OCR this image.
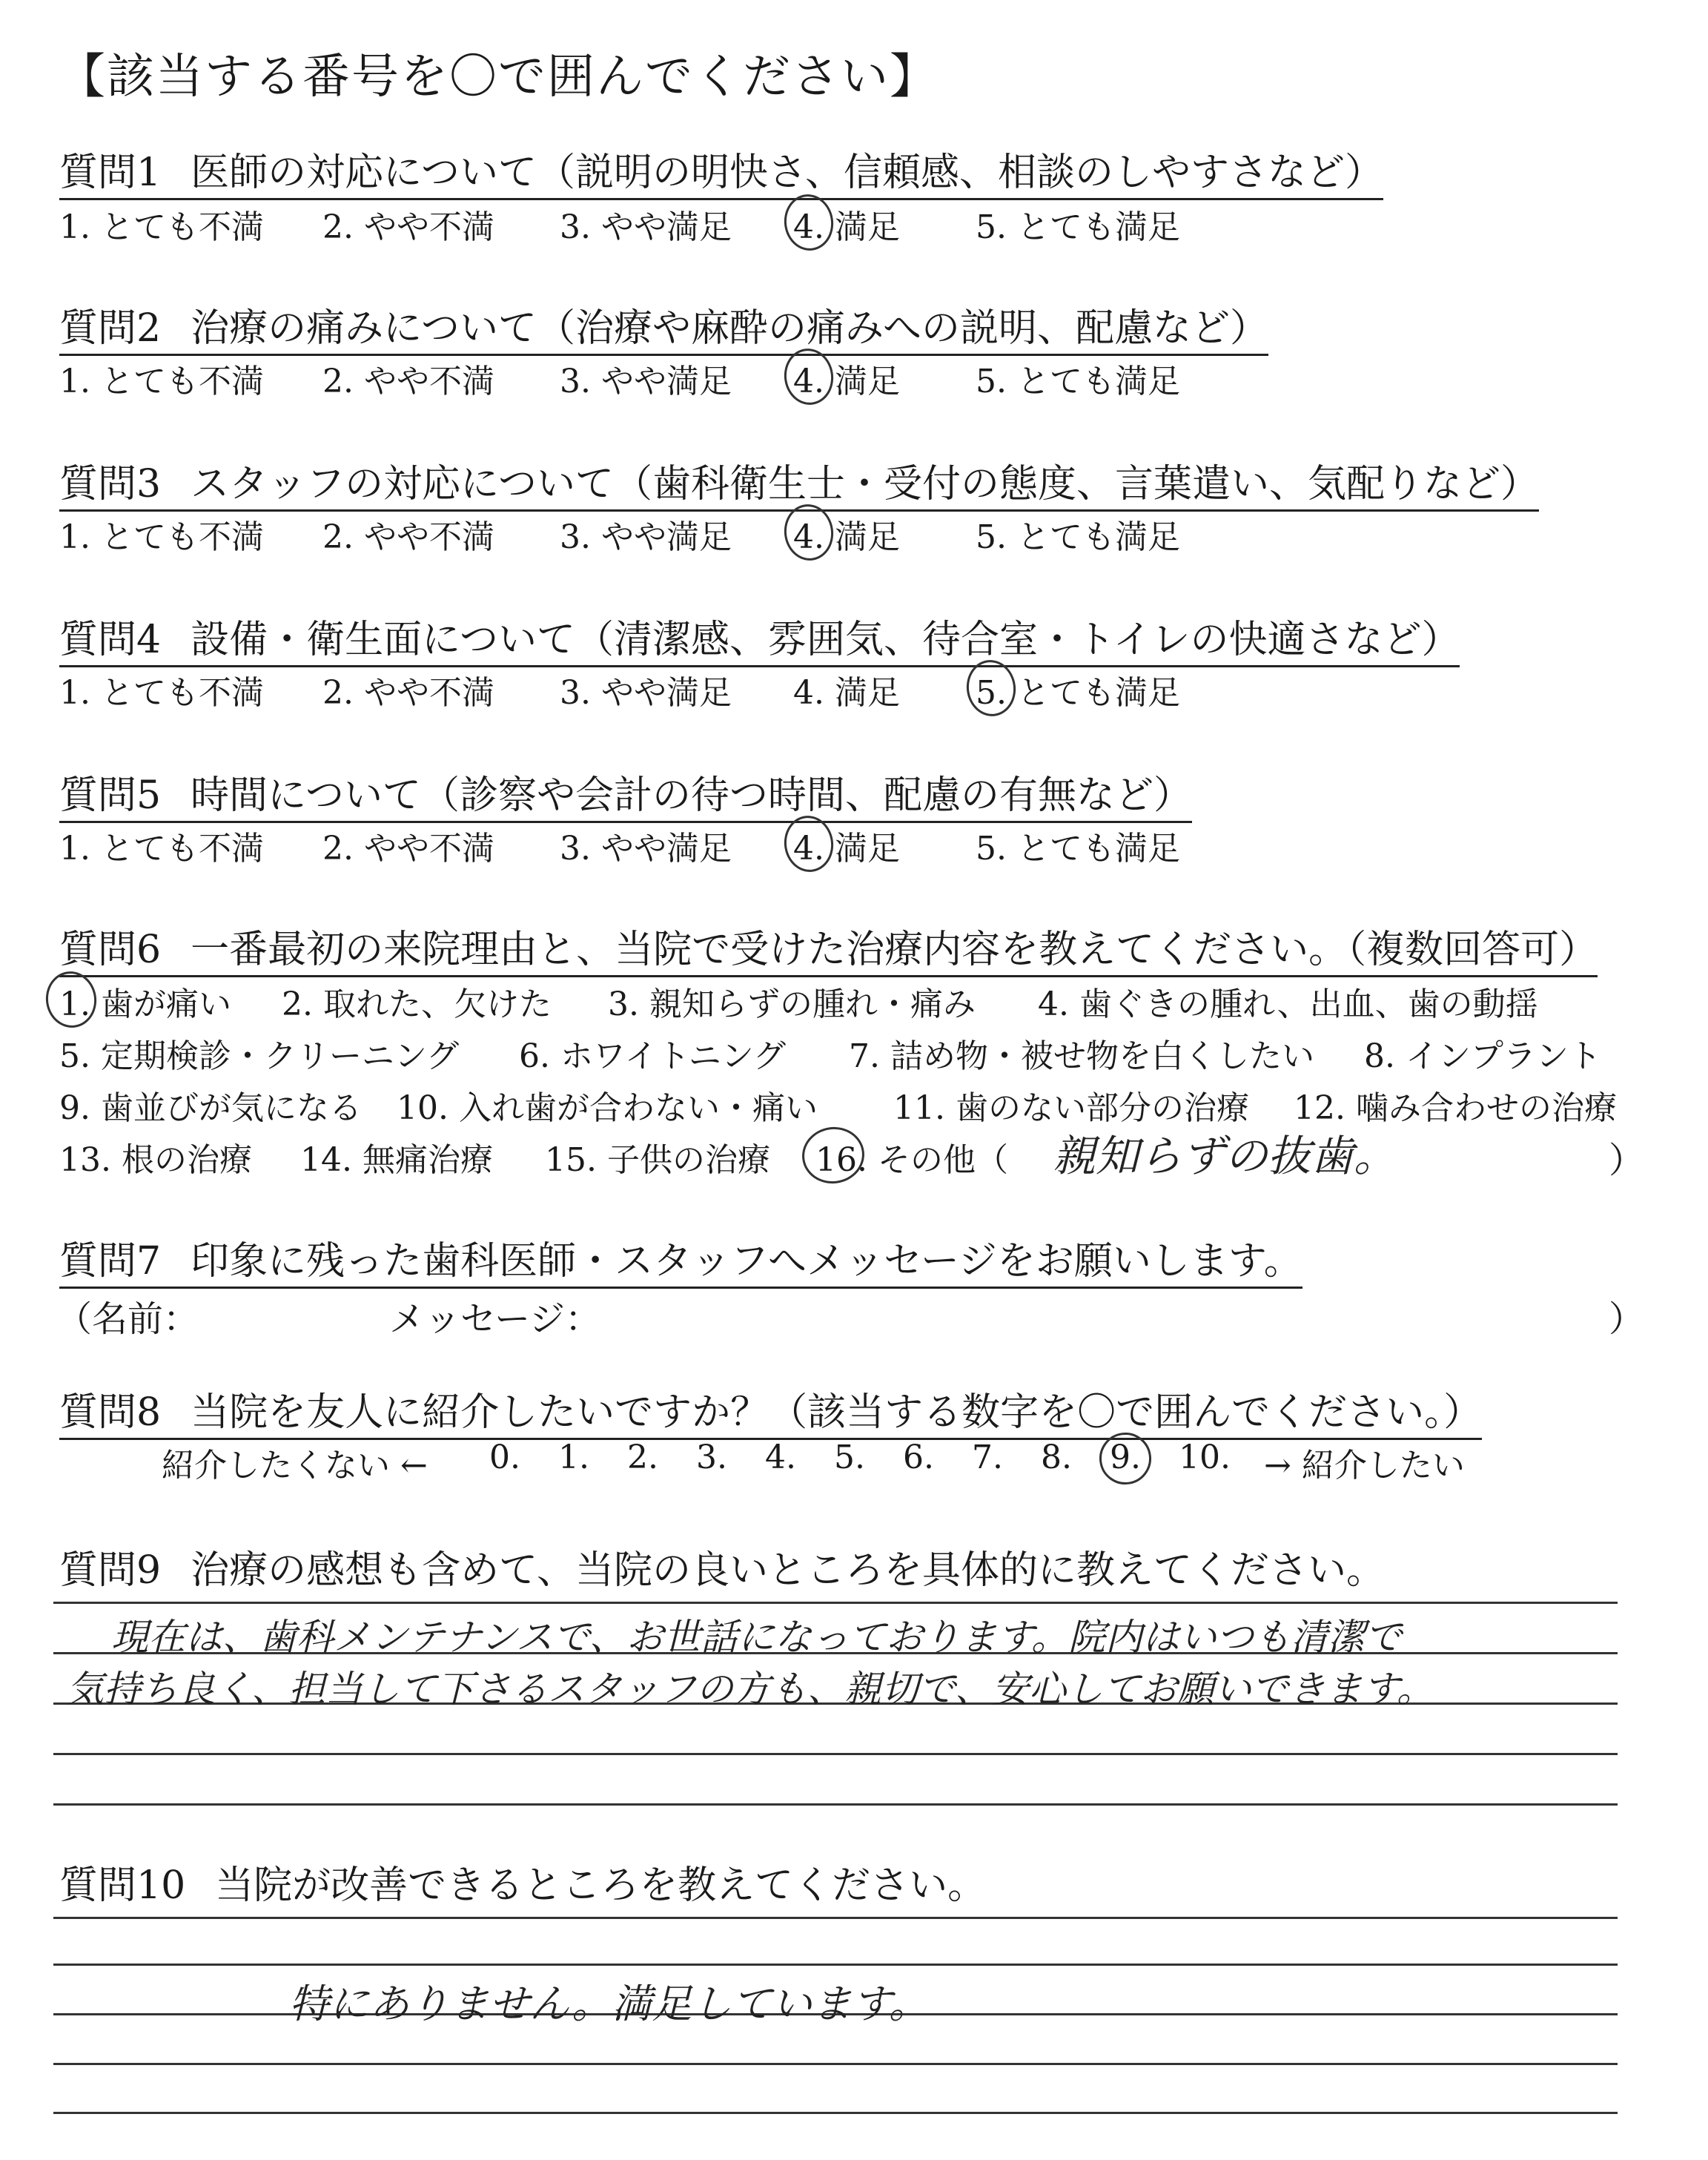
【該当する番号を〇で囲んでください】
質問1 医師の対応について（説明の明快さ、信頼感、相談のしやすさなど）
1. とても不満 2. やや不満 3. やや満足 4. 満足 5. とても満足
質問2 治療の痛みについて（治療や麻酔の痛みへの説明、配慮など）
1. とても不満 2. やや不満 3. やや満足 4. 満足 5. とても満足
質問3 スタッフの対応について（歯科衛生士・受付の態度、言葉遣い、気配りなど）
1. とても不満 2. やや不満 3. やや満足 4. 満足 5. とても満足
質問4 設備・衛生面について（清潔感、雰囲気、待合室・トイレの快適さなど）
1. とても不満 2. やや不満 3. やや満足 4. 満足 5. とても満足
質問5 時間について（診察や会計の待つ時間、配慮の有無など）
1. とても不満 2. やや不満 3. やや満足 4. 満足 5. とても満足
質問6 一番最初の来院理由と、当院で受けた治療内容を教えてください。（複数回答可）
1. 歯が痛い 2. 取れた、欠けた 3. 親知らずの腫れ・痛み 4. 歯ぐきの腫れ、出血、歯の動揺
5. 定期検診・クリーニング 6. ホワイトニング 7. 詰め物・被せ物を白くしたい 8. インプラント
9. 歯並びが気になる 10. 入れ歯が合わない・痛い 11. 歯のない部分の治療 12. 噛み合わせの治療
13. 根の治療 14. 無痛治療 15. 子供の治療 16. その他（ 親知らずの抜歯。	）
質問7 印象に残った歯科医師・スタッフへメッセージをお願いします。
（名前：	メッセージ：	）
質問8 当院を友人に紹介したいですか？（該当する数字を〇で囲んでください。）
紹介したくない ← 0. 1. 2. 3. 4. 5. 6. 7. 8. 9. 10. → 紹介したい
質問9 治療の感想も含めて、当院の良いところを具体的に教えてください。
現在は、歯科メンテナンスで、お世話になっております。院内はいつも清潔で
気持ち良く、担当して下さるスタッフの方も、親切で、安心してお願いできます。
質問10 当院が改善できるところを教えてください。
特にありません。満足しています。
